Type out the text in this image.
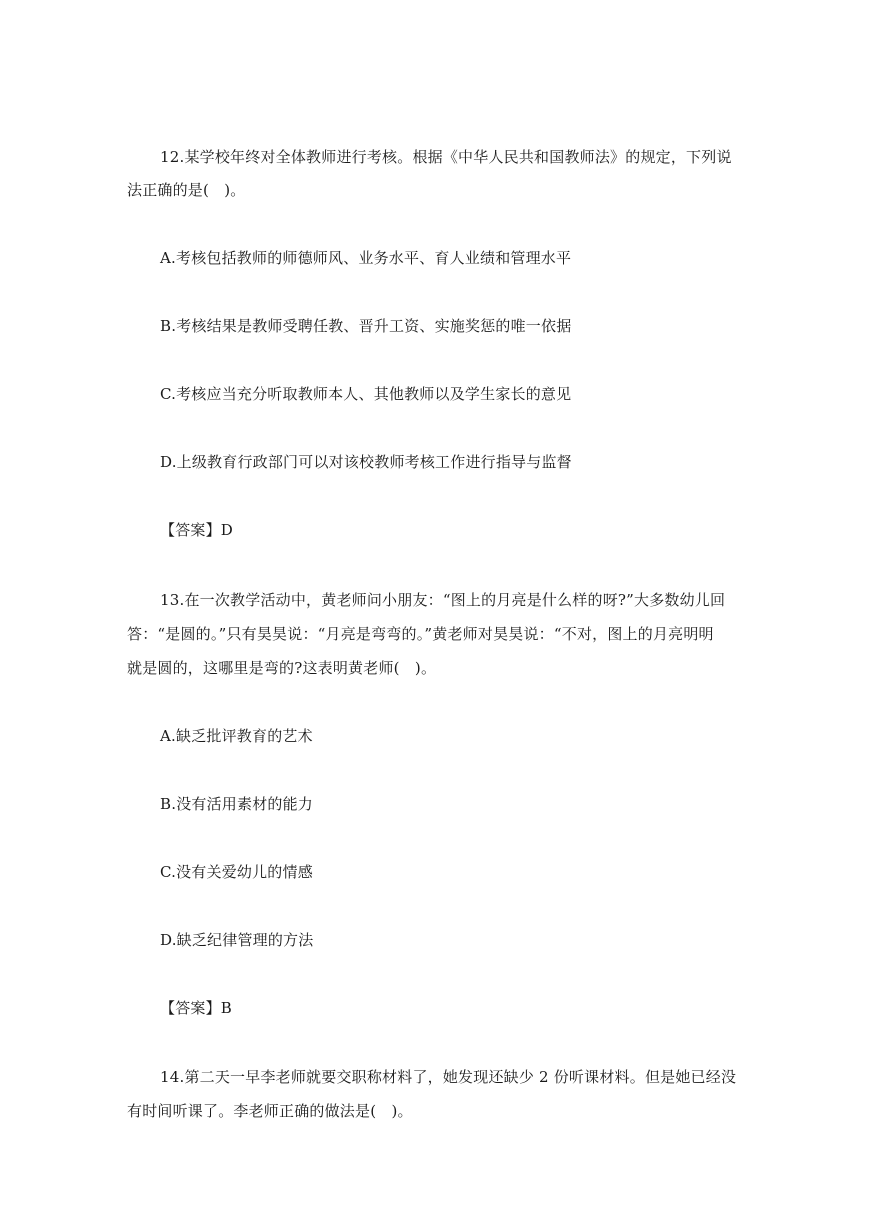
12.某学校年终对全体教师进行考核。根据《中华人民共和国教师法》的规定，下列说
法正确的是(　)。
A.考核包括教师的师德师风、业务水平、育人业绩和管理水平
B.考核结果是教师受聘任教、晋升工资、实施奖惩的唯一依据
C.考核应当充分听取教师本人、其他教师以及学生家长的意见
D.上级教育行政部门可以对该校教师考核工作进行指导与监督
【答案】D
13.在一次教学活动中，黄老师问小朋友：“图上的月亮是什么样的呀?”大多数幼儿回
答：“是圆的。”只有昊昊说：“月亮是弯弯的。”黄老师对昊昊说：“不对，图上的月亮明明
就是圆的，这哪里是弯的?这表明黄老师(　)。
A.缺乏批评教育的艺术
B.没有活用素材的能力
C.没有关爱幼儿的情感
D.缺乏纪律管理的方法
【答案】B
14.第二天一早李老师就要交职称材料了，她发现还缺少 2 份听课材料。但是她已经没
有时间听课了。李老师正确的做法是(　)。
